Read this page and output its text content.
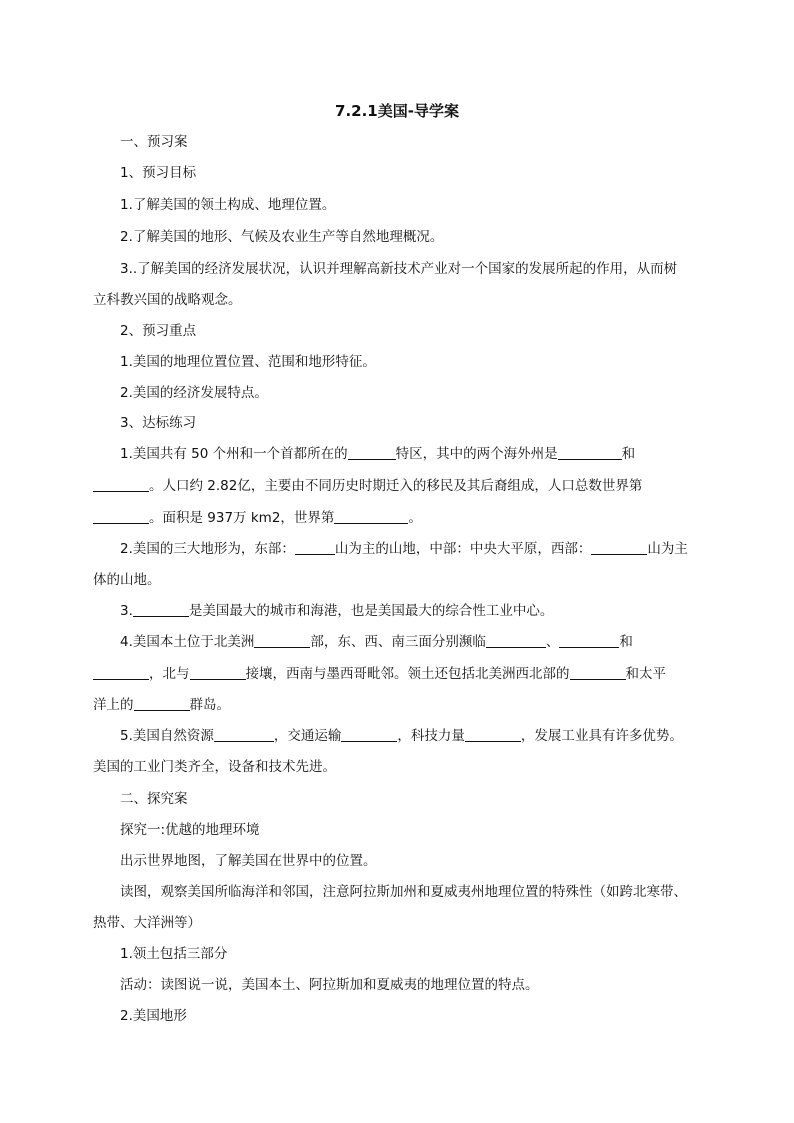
7.2.1美国-导学案
一、预习案
1、预习目标
1.了解美国的领土构成、地理位置。
2.了解美国的地形、气候及农业生产等自然地理概况。
3..了解美国的经济发展状况，认识并理解高新技术产业对一个国家的发展所起的作用，从而树
立科教兴国的战略观念。
2、预习重点
1.美国的地理位置位置、范围和地形特征。
2.美国的经济发展特点。
3、达标练习
1.美国共有 50 个州和一个首都所在的	特区，其中的两个海外州是	和
。人口约 2.82亿，主要由不同历史时期迁入的移民及其后裔组成，人口总数世界第
。面积是 937万 km2，世界第	。
2.美国的三大地形为，东部：	山为主的山地，中部：中央大平原，西部：	山为主
体的山地。
3.	是美国最大的城市和海港，也是美国最大的综合性工业中心。
4.美国本土位于北美洲	部，东、西、南三面分别濒临	、	和
，北与	接壤，西南与墨西哥毗邻。领土还包括北美洲西北部的	和太平
洋上的	群岛。
5.美国自然资源	，交通运输	，科技力量	，发展工业具有许多优势。
美国的工业门类齐全，设备和技术先进。
二、探究案
探究一:优越的地理环境
出示世界地图，了解美国在世界中的位置。
读图，观察美国所临海洋和邻国，注意阿拉斯加州和夏威夷州地理位置的特殊性（如跨北寒带、
热带、大洋洲等）
1.领土包括三部分
活动：读图说一说，美国本土、阿拉斯加和夏威夷的地理位置的特点。
2.美国地形
